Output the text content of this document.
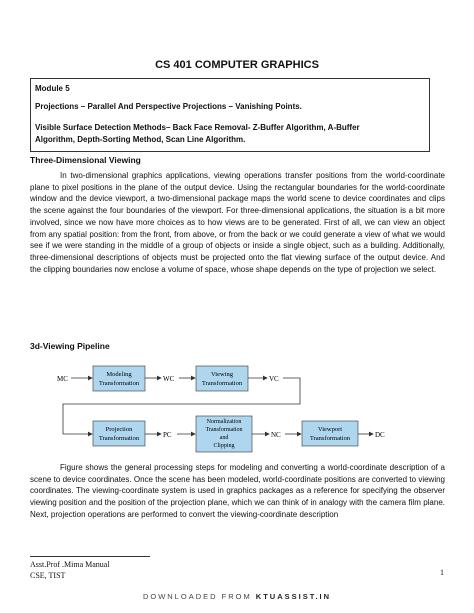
CS 401 COMPUTER GRAPHICS
Module 5
Projections – Parallel And Perspective Projections – Vanishing Points.
Visible Surface Detection Methods– Back Face Removal- Z-Buffer Algorithm, A-Buffer
Algorithm, Depth-Sorting Method, Scan Line Algorithm.
Three-Dimensional Viewing

In two-dimensional graphics applications, viewing operations transfer positions from the world-coordinate plane to pixel positions in the plane of the output device. Using the rectangular boundaries for the world-coordinate window and the device viewport, a two-dimensional package maps the world scene to device coordinates and clips the scene against the four boundaries of the viewport. For three-dimensional applications, the situation is a bit more involved, since we now have more choices as to how views are to be generated. First of all, we can view an object from any spatial position: from the front, from above, or from the back or we could generate a view of what we would see if we were standing in the middle of a group of objects or inside a single object, such as a building. Additionally, three-dimensional descriptions of objects must be projected onto the flat viewing surface of the output device. And the clipping boundaries now enclose a volume of space, whose shape depends on the type of projection we select.

3d-Viewing Pipeline
MC
Modeling
Transformation
WC
Viewing
Transformation
VC
Projection
Transformation	PC
Normalization
Transformation
and
Clipping
NC
Viewport
Transformation	DC

Figure shows the general processing steps for modeling and converting a world-coordinate description of a scene to device coordinates. Once the scene has been modeled, world-coordinate positions are converted to viewing coordinates. The viewing-coordinate system is used in graphics packages as a reference for specifying the observer viewing position and the position of the projection plane, which we can think of in analogy with the camera film plane. Next, projection operations are performed to convert the viewing-coordinate description

Asst.Prof .Mima Manual
CSE, TIST	1
DOWNLOADED FROM KTUASSIST.IN
